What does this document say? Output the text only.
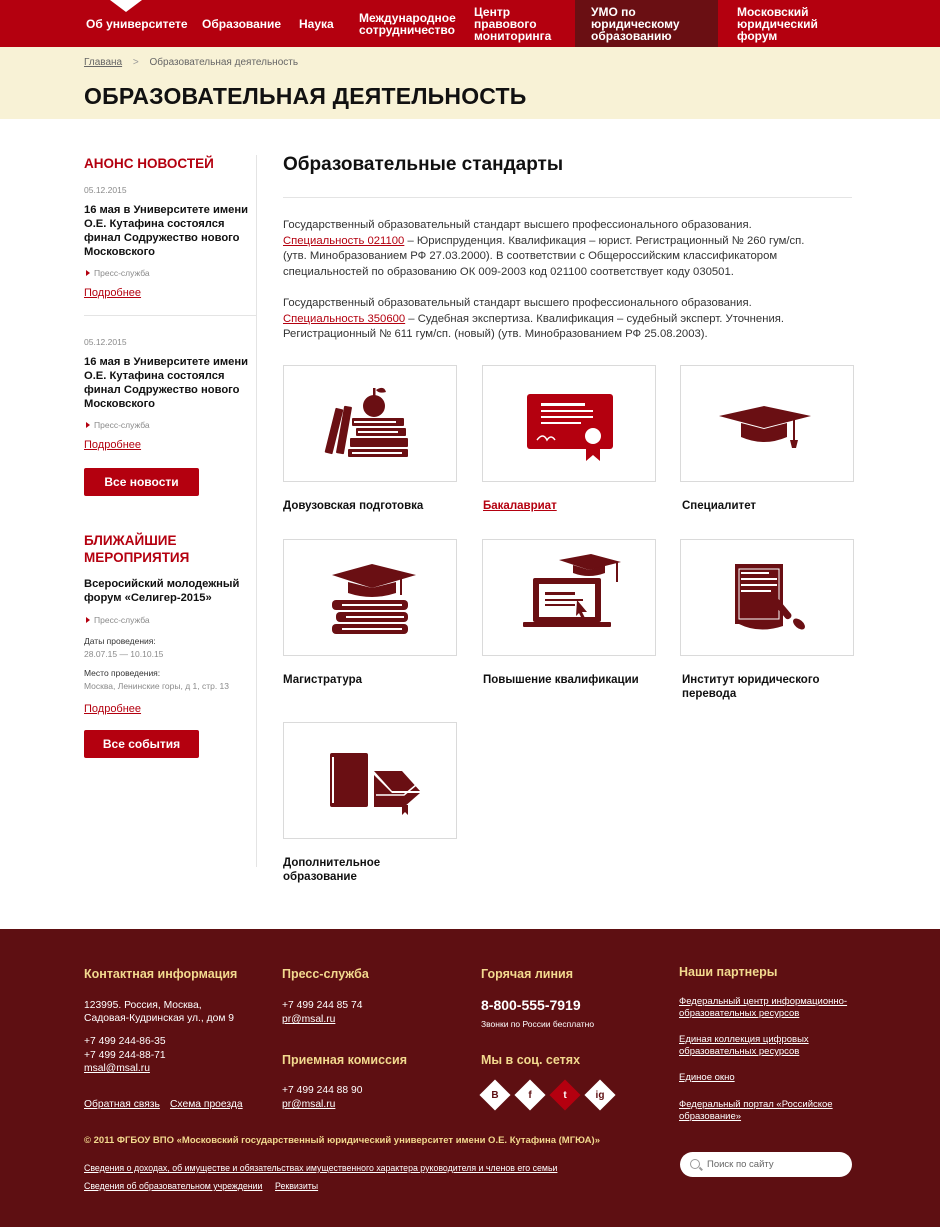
Об университете	Образование	Наука	Международное сотрудничество
Центр правового мониторинга
УМО по юридическому образованию
Московский юридический форум
Главана > Образовательная деятельность
ОБРАЗОВАТЕЛЬНАЯ ДЕЯТЕЛЬНОСТЬ
АНОНС НОВОСТЕЙ
05.12.2015
16 мая в Университете имени О.Е. Кутафина состоялся финал Содружество нового Московского
Пресс-служба
Подробнее
05.12.2015
16 мая в Университете имени О.Е. Кутафина состоялся финал Содружество нового Московского
Пресс-служба
Подробнее
Все новости
БЛИЖАЙШИЕ МЕРОПРИЯТИЯ
Всеросийский молодежный форум «Селигер-2015»
Пресс-служба
Даты проведения:
28.07.15 — 10.10.15
Место проведения:
Москва, Ленинские горы, д 1, стр. 13
Подробнее
Все события
Образовательные стандарты
Государственный образовательный стандарт высшего профессионального образования.
Специальность 021100 – Юриспруденция. Квалификация – юрист. Регистрационный № 260 гум/сп.
(утв. Минобразованием РФ 27.03.2000). В соответствии с Общероссийским классификатором специальностей по образованию ОК 009-2003 код 021100 соответствует коду 030501.
Государственный образовательный стандарт высшего профессионального образования.
Специальность 350600 – Судебная экспертиза. Квалификация – судебный эксперт. Уточнения.
Регистрационный № 611 гум/сп. (новый) (утв. Минобразованием РФ 25.08.2003).
Довузовская подготовка	Бакалавриат	Специалитет
Магистратура	Повышение квалификации	Институт юридического перевода
Дополнительное образование
Контактная информация
123995. Россия, Москва,
Садовая-Кудринская ул., дом 9
+7 499 244-86-35
+7 499 244-88-71
msal@msal.ru
Обратная связь Схема проезда
Пресс-служба
+7 499 244 85 74
pr@msal.ru
Приемная комиссия
+7 499 244 88 90
pr@msal.ru
Горячая линия
8-800-555-7919
Звонки по России бесплатно
Мы в соц. сетях
В	f	t	ig
Наши партнеры
Федеральный центр информационно-образовательных ресурсов
Единая коллекция цифровых образовательных ресурсов
Единое окно
Федеральный портал «Российское образование»
© 2011 ФГБОУ ВПО «Московский государственный юридический университет имени О.Е. Кутафина (МГЮА)»
Сведения о доходах, об имуществе и обязательствах имущественного характера руководителя и членов его семьи
Сведения об образовательном учреждении Реквизиты
Поиск по сайту
